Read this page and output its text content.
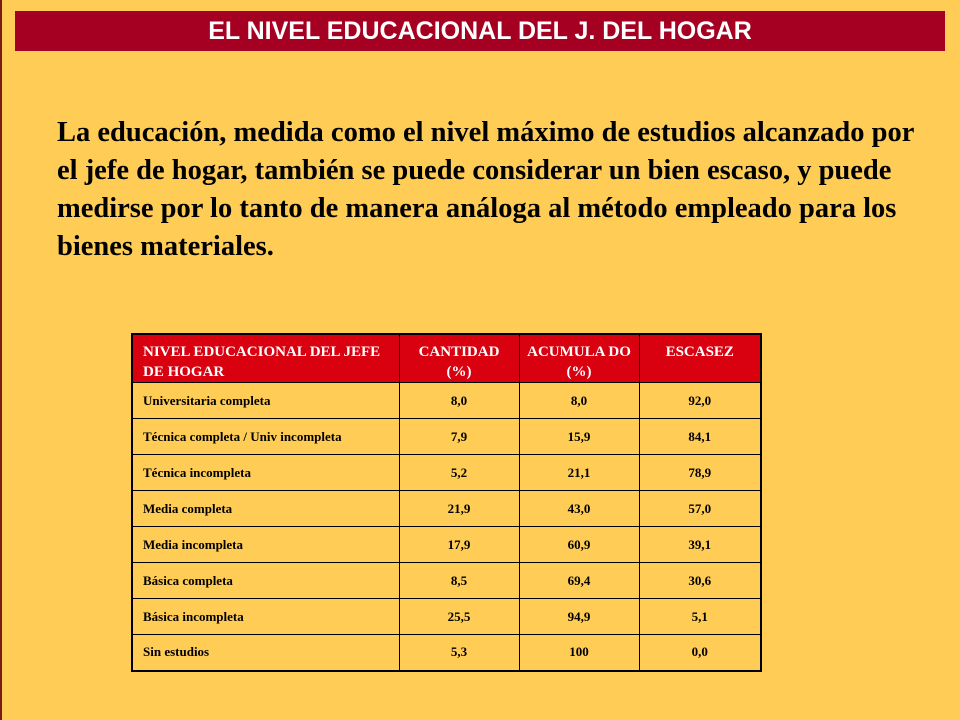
EL NIVEL EDUCACIONAL DEL J. DEL HOGAR

La educación, medida como el nivel máximo de estudios alcanzado por el jefe de hogar, también se puede considerar un bien escaso, y puede medirse por lo tanto de manera análoga al método empleado para los bienes materiales.

NIVEL EDUCACIONAL DEL JEFE DE HOGAR	CANTIDAD (%)	ACUMULA DO (%)	ESCASEZ
Universitaria completa	8,0	8,0	92,0
Técnica completa / Univ incompleta	7,9	15,9	84,1
Técnica incompleta	5,2	21,1	78,9
Media completa	21,9	43,0	57,0
Media incompleta	17,9	60,9	39,1
Básica completa	8,5	69,4	30,6
Básica incompleta	25,5	94,9	5,1
Sin estudios	5,3	100	0,0
